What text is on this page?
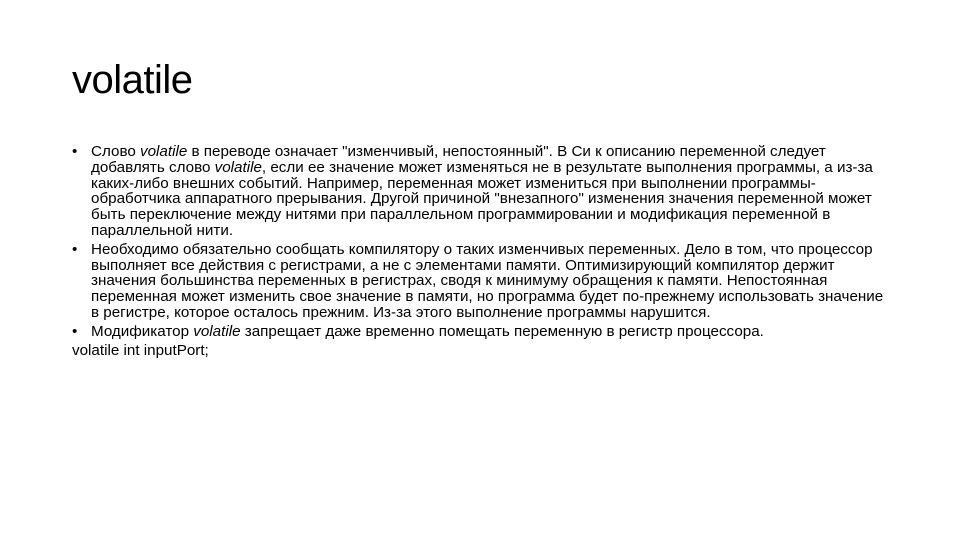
volatile

• Слово volatile в переводе означает "изменчивый, непостоянный". В Си к описанию переменной следует добавлять слово volatile, если ее значение может изменяться не в результате выполнения программы, а из-за каких-либо внешних событий. Например, переменная может измениться при выполнении программы-обработчика аппаратного прерывания. Другой причиной "внезапного" изменения значения переменной может быть переключение между нитями при параллельном программировании и модификация переменной в параллельной нити.

• Необходимо обязательно сообщать компилятору о таких изменчивых переменных. Дело в том, что процессор выполняет все действия с регистрами, а не с элементами памяти. Оптимизирующий компилятор держит значения большинства переменных в регистрах, сводя к минимуму обращения к памяти. Непостоянная переменная может изменить свое значение в памяти, но программа будет по-прежнему использовать значение в регистре, которое осталось прежним. Из-за этого выполнение программы нарушится.

• Модификатор volatile запрещает даже временно помещать переменную в регистр процессора.

volatile int inputPort;
